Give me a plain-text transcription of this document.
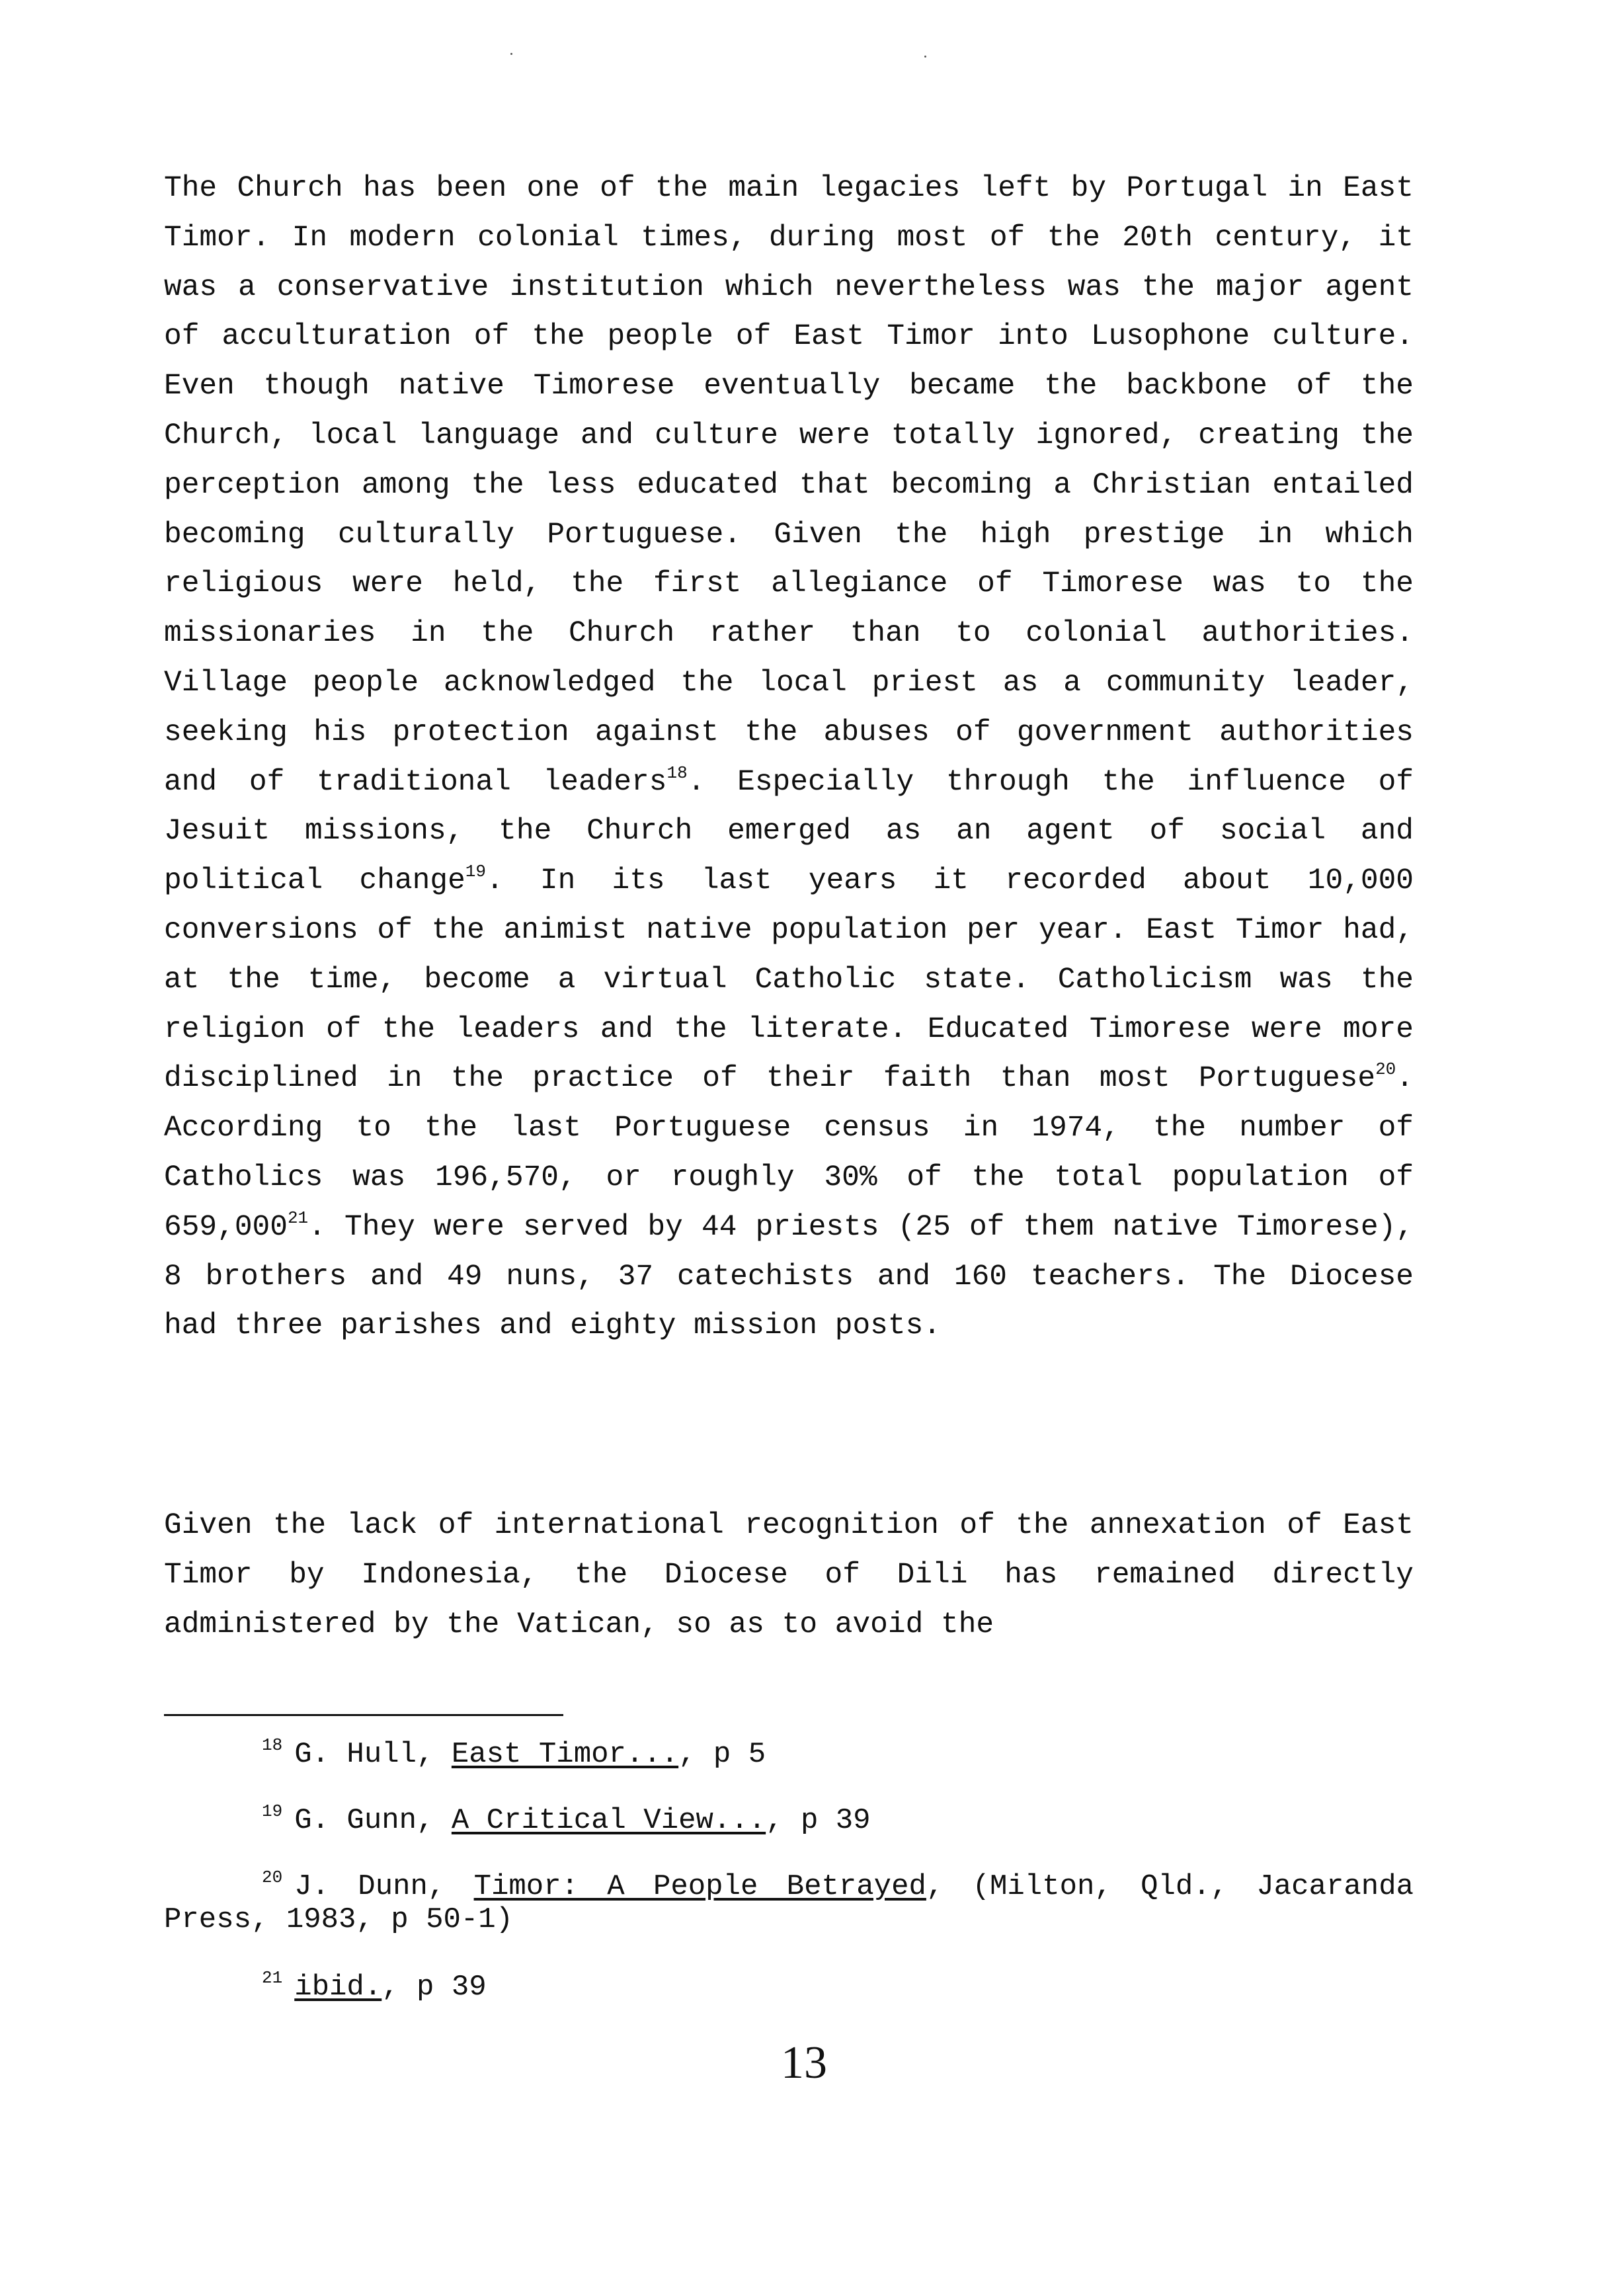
The Church has been one of the main legacies left by Portugal in East Timor. In modern colonial times, during most of the 20th century, it was a conservative institution which nevertheless was the major agent of acculturation of the people of East Timor into Lusophone culture. Even though native Timorese eventually became the backbone of the Church, local language and culture were totally ignored, creating the perception among the less educated that becoming a Christian entailed becoming culturally Portuguese. Given the high prestige in which religious were held, the first allegiance of Timorese was to the missionaries in the Church rather than to colonial authorities. Village people acknowledged the local priest as a community leader, seeking his protection against the abuses of government authorities and of traditional leaders$^{18}$. Especially through the influence of Jesuit missions, the Church emerged as an agent of social and political change$^{19}$. In its last years it recorded about 10,000 conversions of the animist native population per year. East Timor had, at the time, become a virtual Catholic state. Catholicism was the religion of the leaders and the literate. Educated Timorese were more disciplined in the practice of their faith than most Portuguese$^{20}$. According to the last Portuguese census in 1974, the number of Catholics was 196,570, or roughly 30% of the total population of 659,000$^{21}$. They were served by 44 priests (25 of them native Timorese), 8 brothers and 49 nuns, 37 catechists and 160 teachers. The Diocese had three parishes and eighty mission posts.

Given the lack of international recognition of the annexation of East Timor by Indonesia, the Diocese of Dili has remained directly administered by the Vatican, so as to avoid the

$^{18}$ G. Hull, East Timor..., p 5

$^{19}$ G. Gunn, A Critical View..., p 39

$^{20}$ J. Dunn, Timor: A People Betrayed, (Milton, Qld., Jacaranda Press, 1983, p 50-1)

$^{21}$ ibid., p 39

13
